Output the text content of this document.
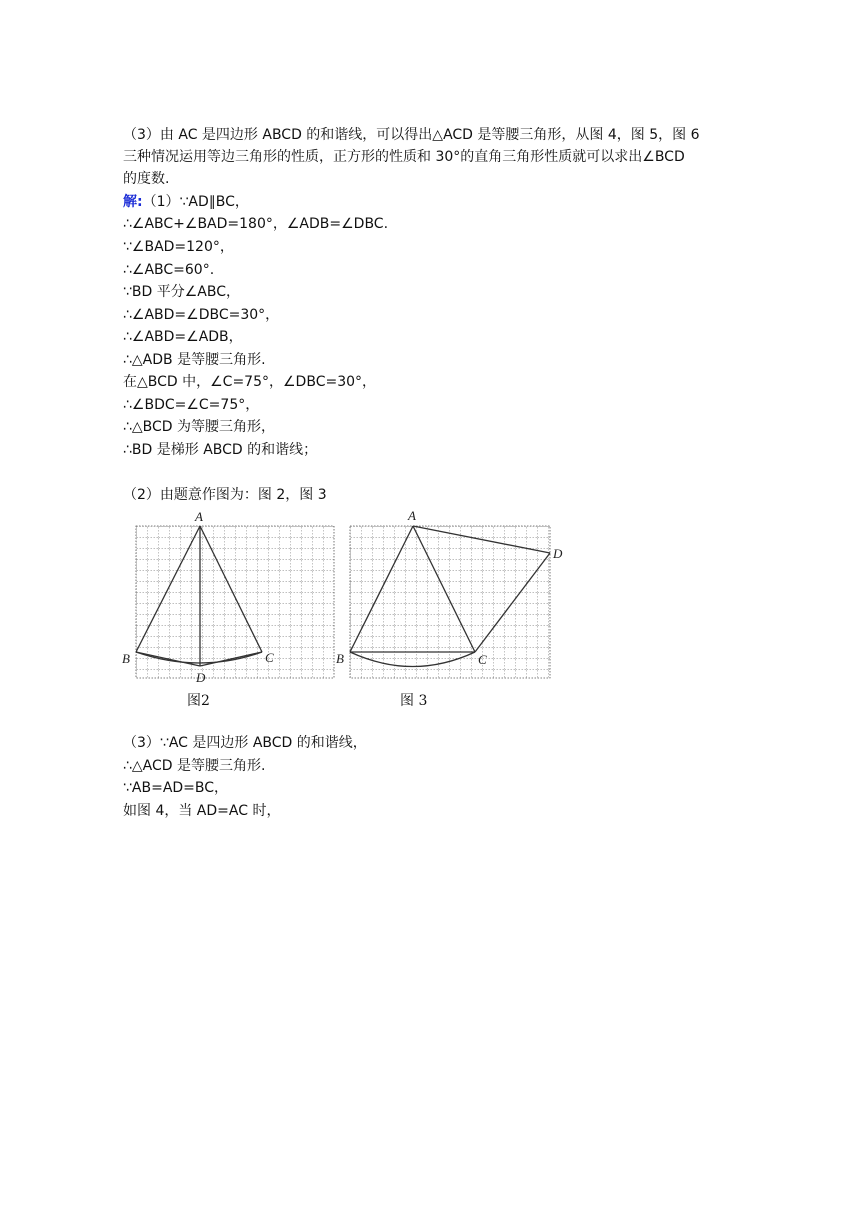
（3）由 AC 是四边形 ABCD 的和谐线，可以得出△ACD 是等腰三角形，从图 4，图 5，图 6
三种情况运用等边三角形的性质，正方形的性质和 30°的直角三角形性质就可以求出∠BCD
的度数.
解:（1）∵AD∥BC，
∴∠ABC+∠BAD=180°，∠ADB=∠DBC.
∵∠BAD=120°，
∴∠ABC=60°.
∵BD 平分∠ABC，
∴∠ABD=∠DBC=30°，
∴∠ABD=∠ADB，
∴△ADB 是等腰三角形.
在△BCD 中，∠C=75°，∠DBC=30°，
∴∠BDC=∠C=75°，
∴△BCD 为等腰三角形，
∴BD 是梯形 ABCD 的和谐线；
（2）由题意作图为：图 2，图 3
A
B	C
D
图2
A
B	C
D
图 3
（3）∵AC 是四边形 ABCD 的和谐线，
∴△ACD 是等腰三角形.
∵AB=AD=BC，
如图 4，当 AD=AC 时，
